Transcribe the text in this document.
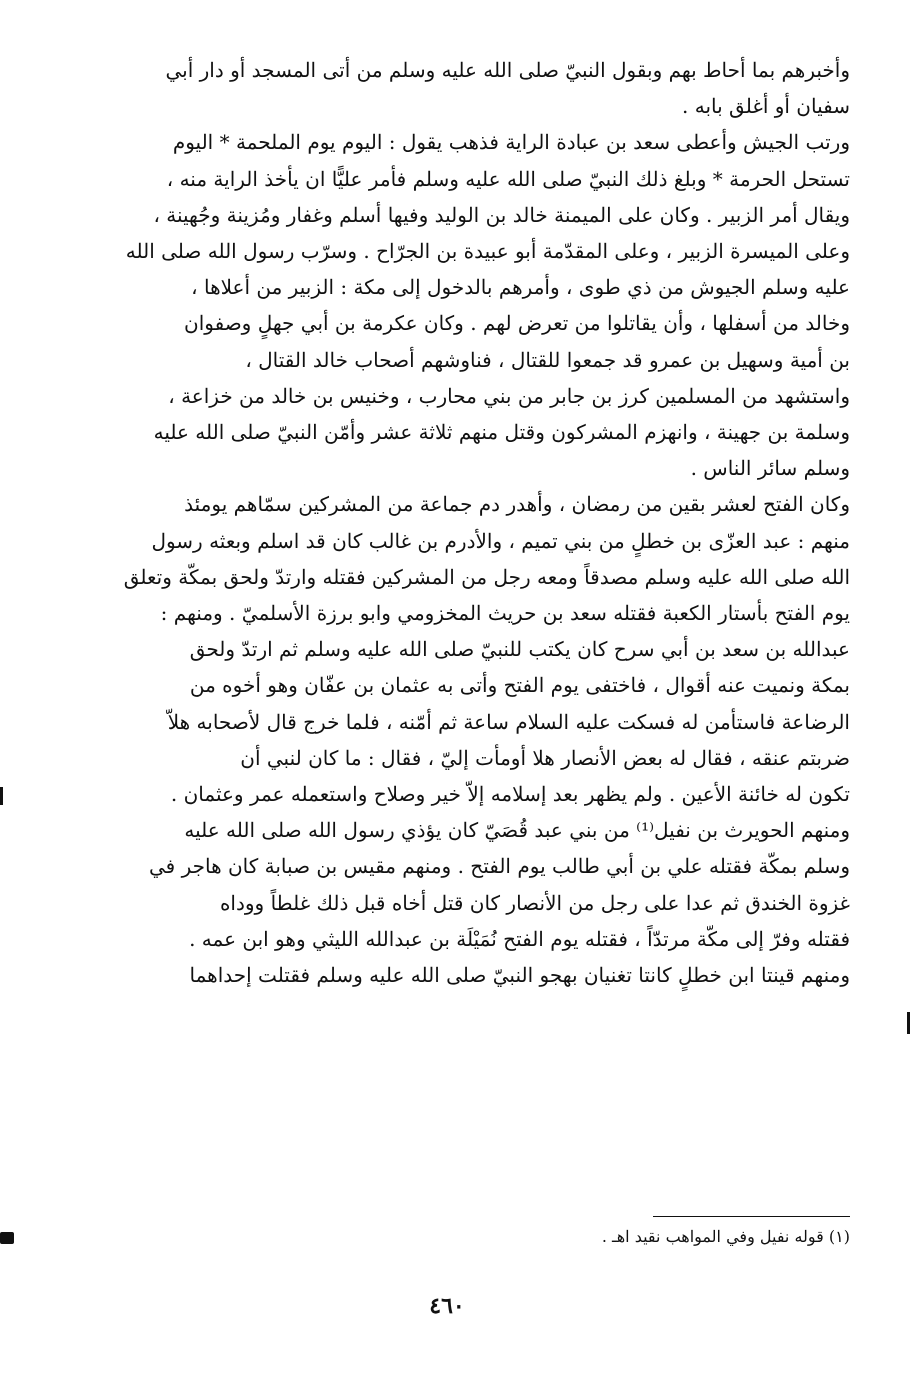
وأخبرهم بما أحاط بهم وبقول النبيّ صلى الله عليه وسلم من أتى المسجد أو دار أبي
سفيان أو أغلق بابه .
ورتب الجيش وأعطى سعد بن عبادة الراية فذهب يقول : اليوم يوم الملحمة * اليوم
تستحل الحرمة * وبلغ ذلك النبيّ صلى الله عليه وسلم فأمر عليًّا ان يأخذ الراية منه ،
ويقال أمر الزبير . وكان على الميمنة خالد بن الوليد وفيها أسلم وغفار ومُزينة وجُهينة ،
وعلى الميسرة الزبير ، وعلى المقدّمة أبو عبيدة بن الجرّاح . وسرّب رسول الله صلى الله
عليه وسلم الجيوش من ذي طوى ، وأمرهم بالدخول إلى مكة : الزبير من أعلاها ،
وخالد من أسفلها ، وأن يقاتلوا من تعرض لهم . وكان عكرمة بن أبي جهلٍ وصفوان
بن أمية وسهيل بن عمرو قد جمعوا للقتال ، فناوشهم أصحاب خالد القتال ،
واستشهد من المسلمين كرز بن جابر من بني محارب ، وخنيس بن خالد من خزاعة ،
وسلمة بن جهينة ، وانهزم المشركون وقتل منهم ثلاثة عشر وأمّن النبيّ صلى الله عليه
وسلم سائر الناس .
وكان الفتح لعشر بقين من رمضان ، وأهدر دم جماعة من المشركين سمّاهم يومئذ
منهم : عبد العزّى بن خطلٍ من بني تميم ، والأدرم بن غالب كان قد اسلم وبعثه رسول
الله صلى الله عليه وسلم مصدقاً ومعه رجل من المشركين فقتله وارتدّ ولحق بمكّة وتعلق
يوم الفتح بأستار الكعبة فقتله سعد بن حريث المخزومي وابو برزة الأسلميّ . ومنهم :
عبدالله بن سعد بن أبي سرح كان يكتب للنبيّ صلى الله عليه وسلم ثم ارتدّ ولحق
بمكة ونميت عنه أقوال ، فاختفى يوم الفتح وأتى به عثمان بن عفّان وهو أخوه من
الرضاعة فاستأمن له فسكت عليه السلام ساعة ثم أمّنه ، فلما خرج قال لأصحابه هلاّ
ضربتم عنقه ، فقال له بعض الأنصار هلا أومأت إليّ ، فقال : ما كان لنبي أن
تكون له خائنة الأعين . ولم يظهر بعد إسلامه إلاّ خير وصلاح واستعمله عمر وعثمان .
ومنهم الحويرث بن نفيل⁽¹⁾ من بني عبد قُصَيّ كان يؤذي رسول الله صلى الله عليه
وسلم بمكّة فقتله علي بن أبي طالب يوم الفتح . ومنهم مقيس بن صبابة كان هاجر في
غزوة الخندق ثم عدا على رجل من الأنصار كان قتل أخاه قبل ذلك غلطاً ووداه
فقتله وفرّ إلى مكّة مرتدّاً ، فقتله يوم الفتح نُمَيْلَة بن عبدالله الليثي وهو ابن عمه .
ومنهم قينتا ابن خطلٍ كانتا تغنيان بهجو النبيّ صلى الله عليه وسلم فقتلت إحداهما
(١) قوله نفيل وفي المواهب نقيد اهـ .
٤٦٠
